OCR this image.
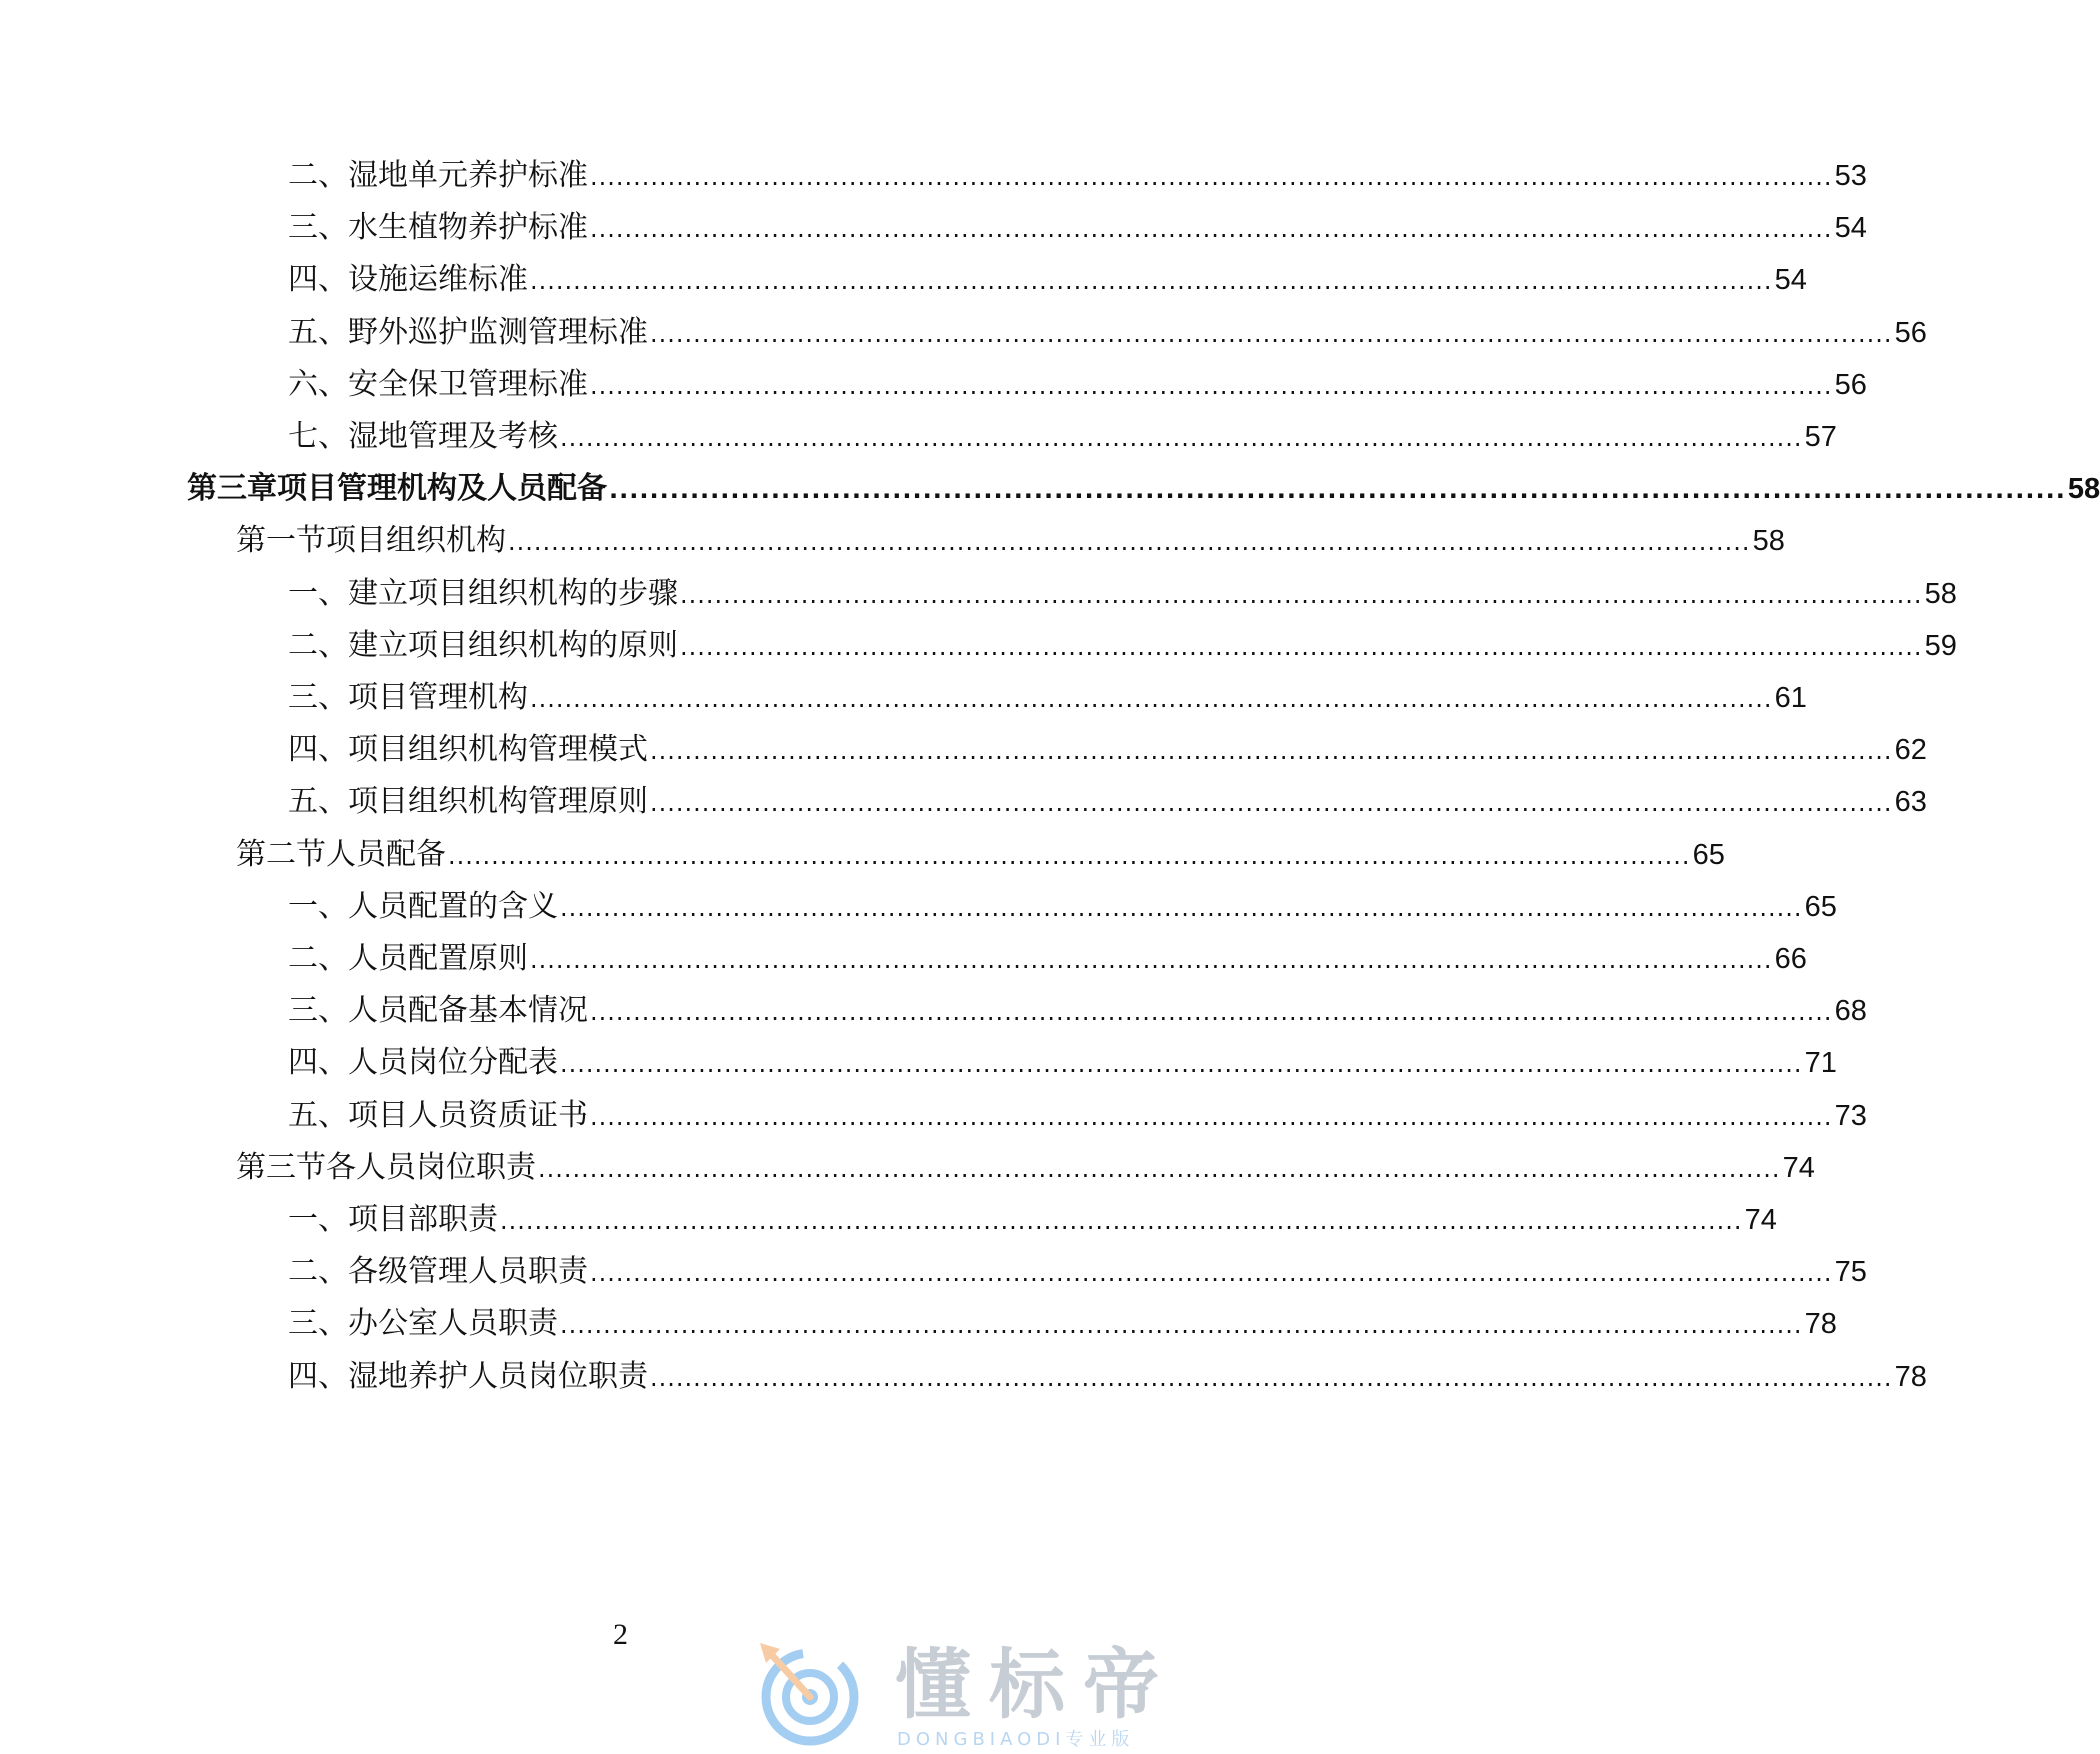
二、 湿地单元养护标准 ................................................................................................................................................ 53
三、 水生植物养护标准 ................................................................................................................................................ 54
四、 设施运维标准 ................................................................................................................................................ 54
五、 野外巡护监测管理标准 ................................................................................................................................................ 56
六、 安全保卫管理标准 ................................................................................................................................................ 56
七、 湿地管理及考核 ................................................................................................................................................ 57
第三章 项目管理机构及人员配备 ................................................................................................................................................ 58
第一节 项目组织机构 ................................................................................................................................................ 58
一、 建立项目组织机构的步骤 ................................................................................................................................................ 58
二、 建立项目组织机构的原则 ................................................................................................................................................ 59
三、 项目管理机构 ................................................................................................................................................ 61
四、 项目组织机构管理模式 ................................................................................................................................................ 62
五、 项目组织机构管理原则 ................................................................................................................................................ 63
第二节 人员配备 ................................................................................................................................................ 65
一、 人员配置的含义 ................................................................................................................................................ 65
二、 人员配置原则 ................................................................................................................................................ 66
三、 人员配备基本情况 ................................................................................................................................................ 68
四、 人员岗位分配表 ................................................................................................................................................ 71
五、 项目人员资质证书 ................................................................................................................................................ 73
第三节 各人员岗位职责 ................................................................................................................................................ 74
一、 项目部职责 ................................................................................................................................................ 74
二、 各级管理人员职责 ................................................................................................................................................ 75
三、 办公室人员职责 ................................................................................................................................................ 78
四、 湿地养护人员岗位职责 ................................................................................................................................................ 78
2
懂标帝
DONGBIAODI专业版
